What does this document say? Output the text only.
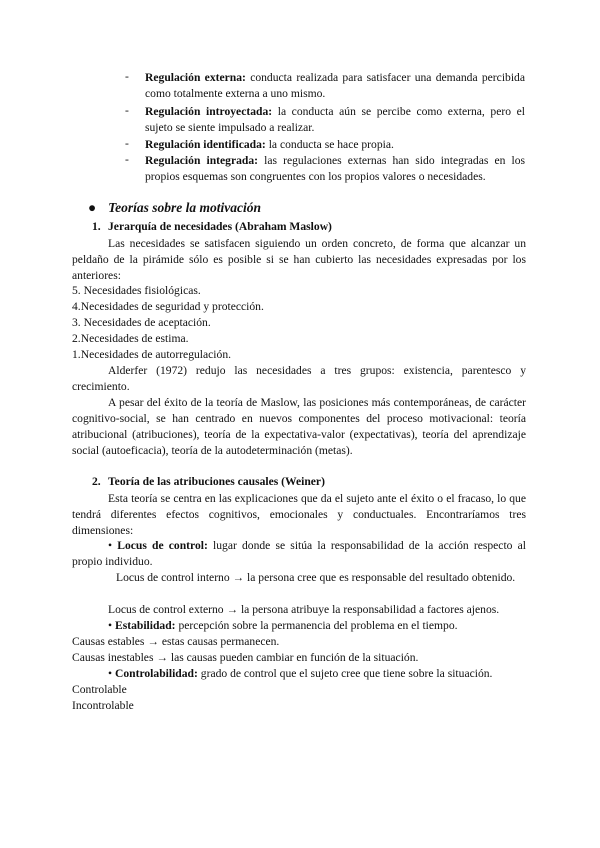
- Regulación externa: conducta realizada para satisfacer una demanda percibida como totalmente externa a uno mismo.
- Regulación introyectada: la conducta aún se percibe como externa, pero el sujeto se siente impulsado a realizar.
- Regulación identificada: la conducta se hace propia.
- Regulación integrada: las regulaciones externas han sido integradas en los propios esquemas son congruentes con los propios valores o necesidades.
● Teorías sobre la motivación
1. Jerarquía de necesidades (Abraham Maslow)
Las necesidades se satisfacen siguiendo un orden concreto, de forma que alcanzar un peldaño de la pirámide sólo es posible si se han cubierto las necesidades expresadas por los anteriores:
5. Necesidades fisiológicas.
4.Necesidades de seguridad y protección.
3. Necesidades de aceptación.
2.Necesidades de estima.
1.Necesidades de autorregulación.
Alderfer (1972) redujo las necesidades a tres grupos: existencia, parentesco y crecimiento.
A pesar del éxito de la teoría de Maslow, las posiciones más contemporáneas, de carácter cognitivo-social, se han centrado en nuevos componentes del proceso motivacional: teoría atribucional (atribuciones), teoría de la expectativa-valor (expectativas), teoría del aprendizaje social (autoeficacia), teoría de la autodeterminación (metas).
2. Teoría de las atribuciones causales (Weiner)
Esta teoría se centra en las explicaciones que da el sujeto ante el éxito o el fracaso, lo que tendrá diferentes efectos cognitivos, emocionales y conductuales. Encontraríamos tres dimensiones:
• Locus de control: lugar donde se sitúa la responsabilidad de la acción respecto al propio individuo.
Locus de control interno → la persona cree que es responsable del resultado obtenido.
Locus de control externo → la persona atribuye la responsabilidad a factores ajenos.
• Estabilidad: percepción sobre la permanencia del problema en el tiempo.
Causas estables → estas causas permanecen.
Causas inestables → las causas pueden cambiar en función de la situación.
• Controlabilidad: grado de control que el sujeto cree que tiene sobre la situación.
Controlable
Incontrolable
